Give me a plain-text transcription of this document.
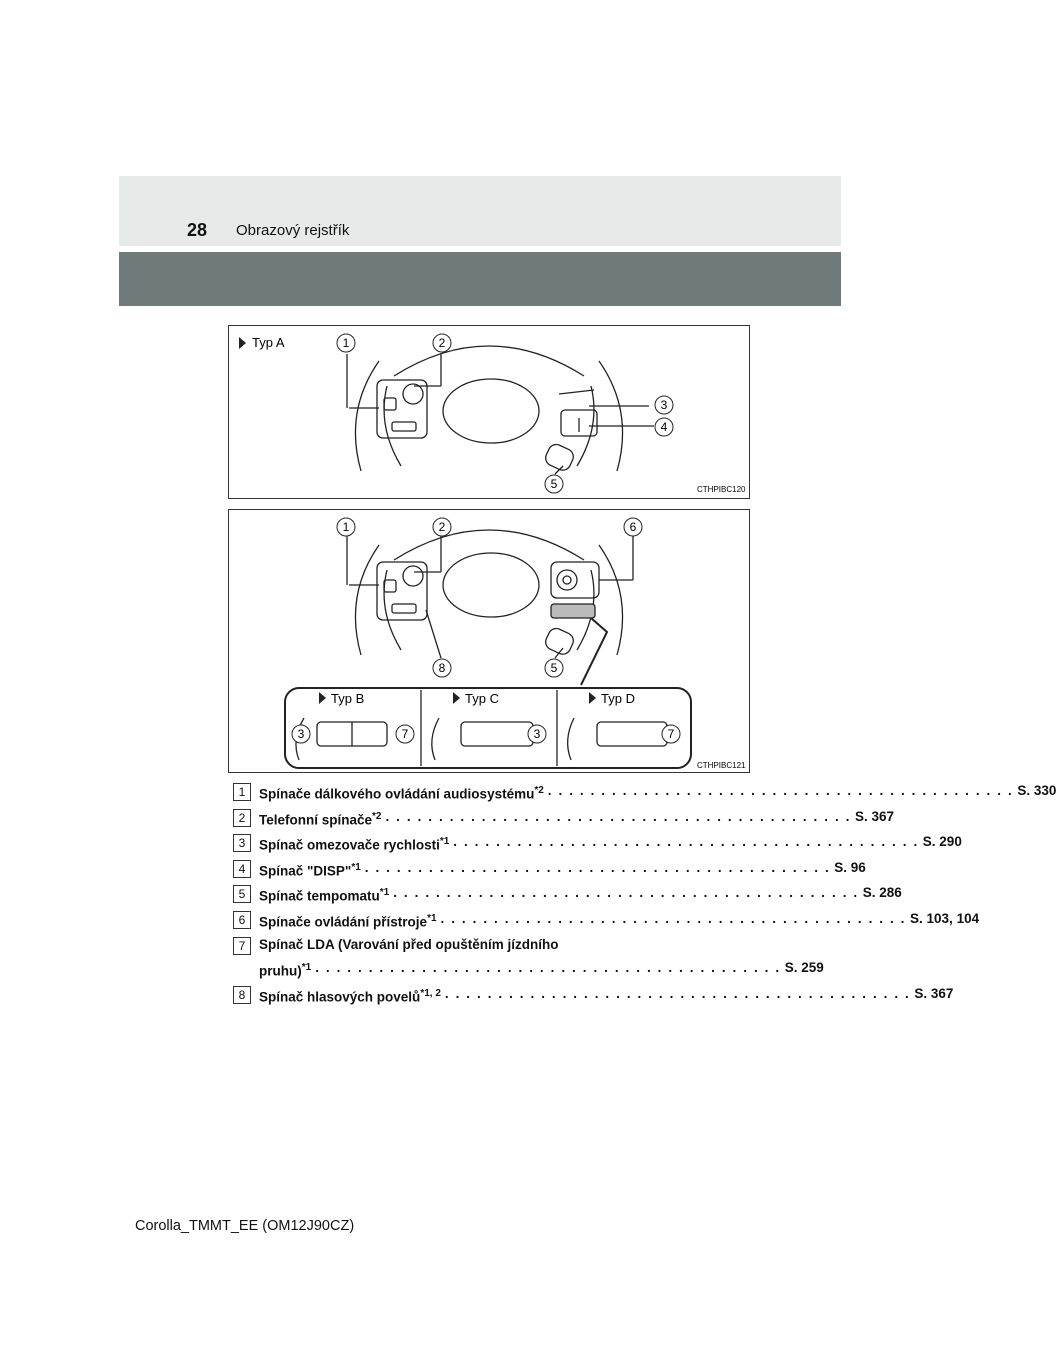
28 Obrazový rejstřík
Typ A	1	2
3
4
5	CTHPIBC120
Typ B	Typ C	Typ D
1	2	6
8	5
3	7	3	7
CTHPIBC121
1	Spínače dálkového ovládání audiosystému$^{*2}$ . . . . . . . . . . . . . . . . . . . . . . . . . . . . . . . . . . . . . . . . . . . . S. 330
2	Telefonní spínače$^{*2}$ . . . . . . . . . . . . . . . . . . . . . . . . . . . . . . . . . . . . . . . . . . . . S. 367
3	Spínač omezovače rychlosti$^{*1}$ . . . . . . . . . . . . . . . . . . . . . . . . . . . . . . . . . . . . . . . . . . . . S. 290
4	Spínač "DISP"$^{*1}$ . . . . . . . . . . . . . . . . . . . . . . . . . . . . . . . . . . . . . . . . . . . . S. 96
5	Spínač tempomatu$^{*1}$ . . . . . . . . . . . . . . . . . . . . . . . . . . . . . . . . . . . . . . . . . . . . S. 286
6	Spínače ovládání přístroje$^{*1}$ . . . . . . . . . . . . . . . . . . . . . . . . . . . . . . . . . . . . . . . . . . . . S. 103, 104
7	Spínač LDA (Varování před opuštěním jízdního
pruhu)$^{*1}$ . . . . . . . . . . . . . . . . . . . . . . . . . . . . . . . . . . . . . . . . . . . . S. 259
8	Spínač hlasových povelů$^{*1, 2}$ . . . . . . . . . . . . . . . . . . . . . . . . . . . . . . . . . . . . . . . . . . . . S. 367
Corolla_TMMT_EE (OM12J90CZ)
